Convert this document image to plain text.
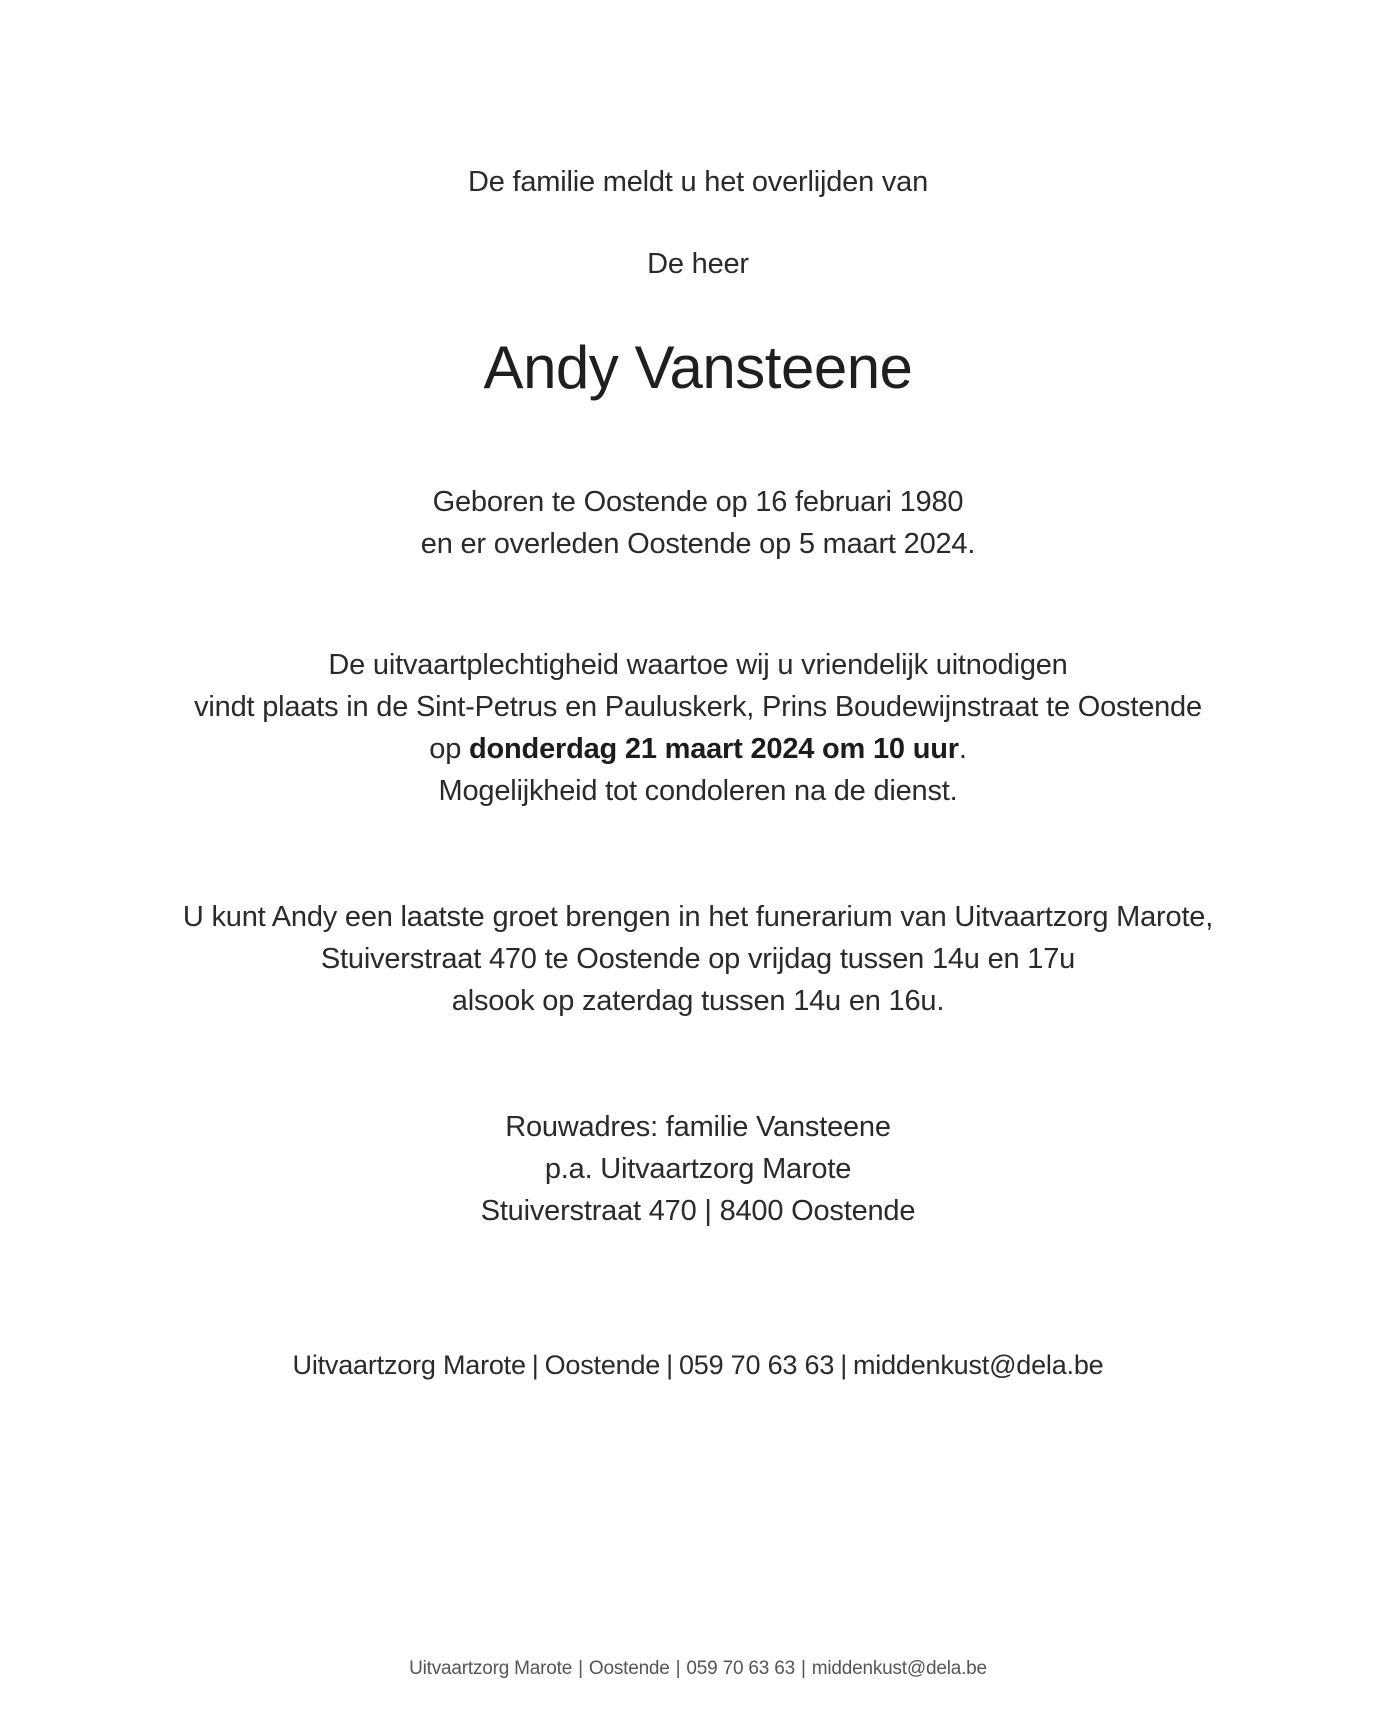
De familie meldt u het overlijden van
De heer
Andy Vansteene
Geboren te Oostende op 16 februari 1980
en er overleden Oostende op 5 maart 2024.
De uitvaartplechtigheid waartoe wij u vriendelijk uitnodigen
vindt plaats in de Sint-Petrus en Pauluskerk, Prins Boudewijnstraat te Oostende
op donderdag 21 maart 2024 om 10 uur.
Mogelijkheid tot condoleren na de dienst.
U kunt Andy een laatste groet brengen in het funerarium van Uitvaartzorg Marote,
Stuiverstraat 470 te Oostende op vrijdag tussen 14u en 17u
alsook op zaterdag tussen 14u en 16u.
Rouwadres: familie Vansteene
p.a. Uitvaartzorg Marote
Stuiverstraat 470 | 8400 Oostende
Uitvaartzorg Marote | Oostende | 059 70 63 63 | middenkust@dela.be
Uitvaartzorg Marote | Oostende | 059 70 63 63 | middenkust@dela.be
